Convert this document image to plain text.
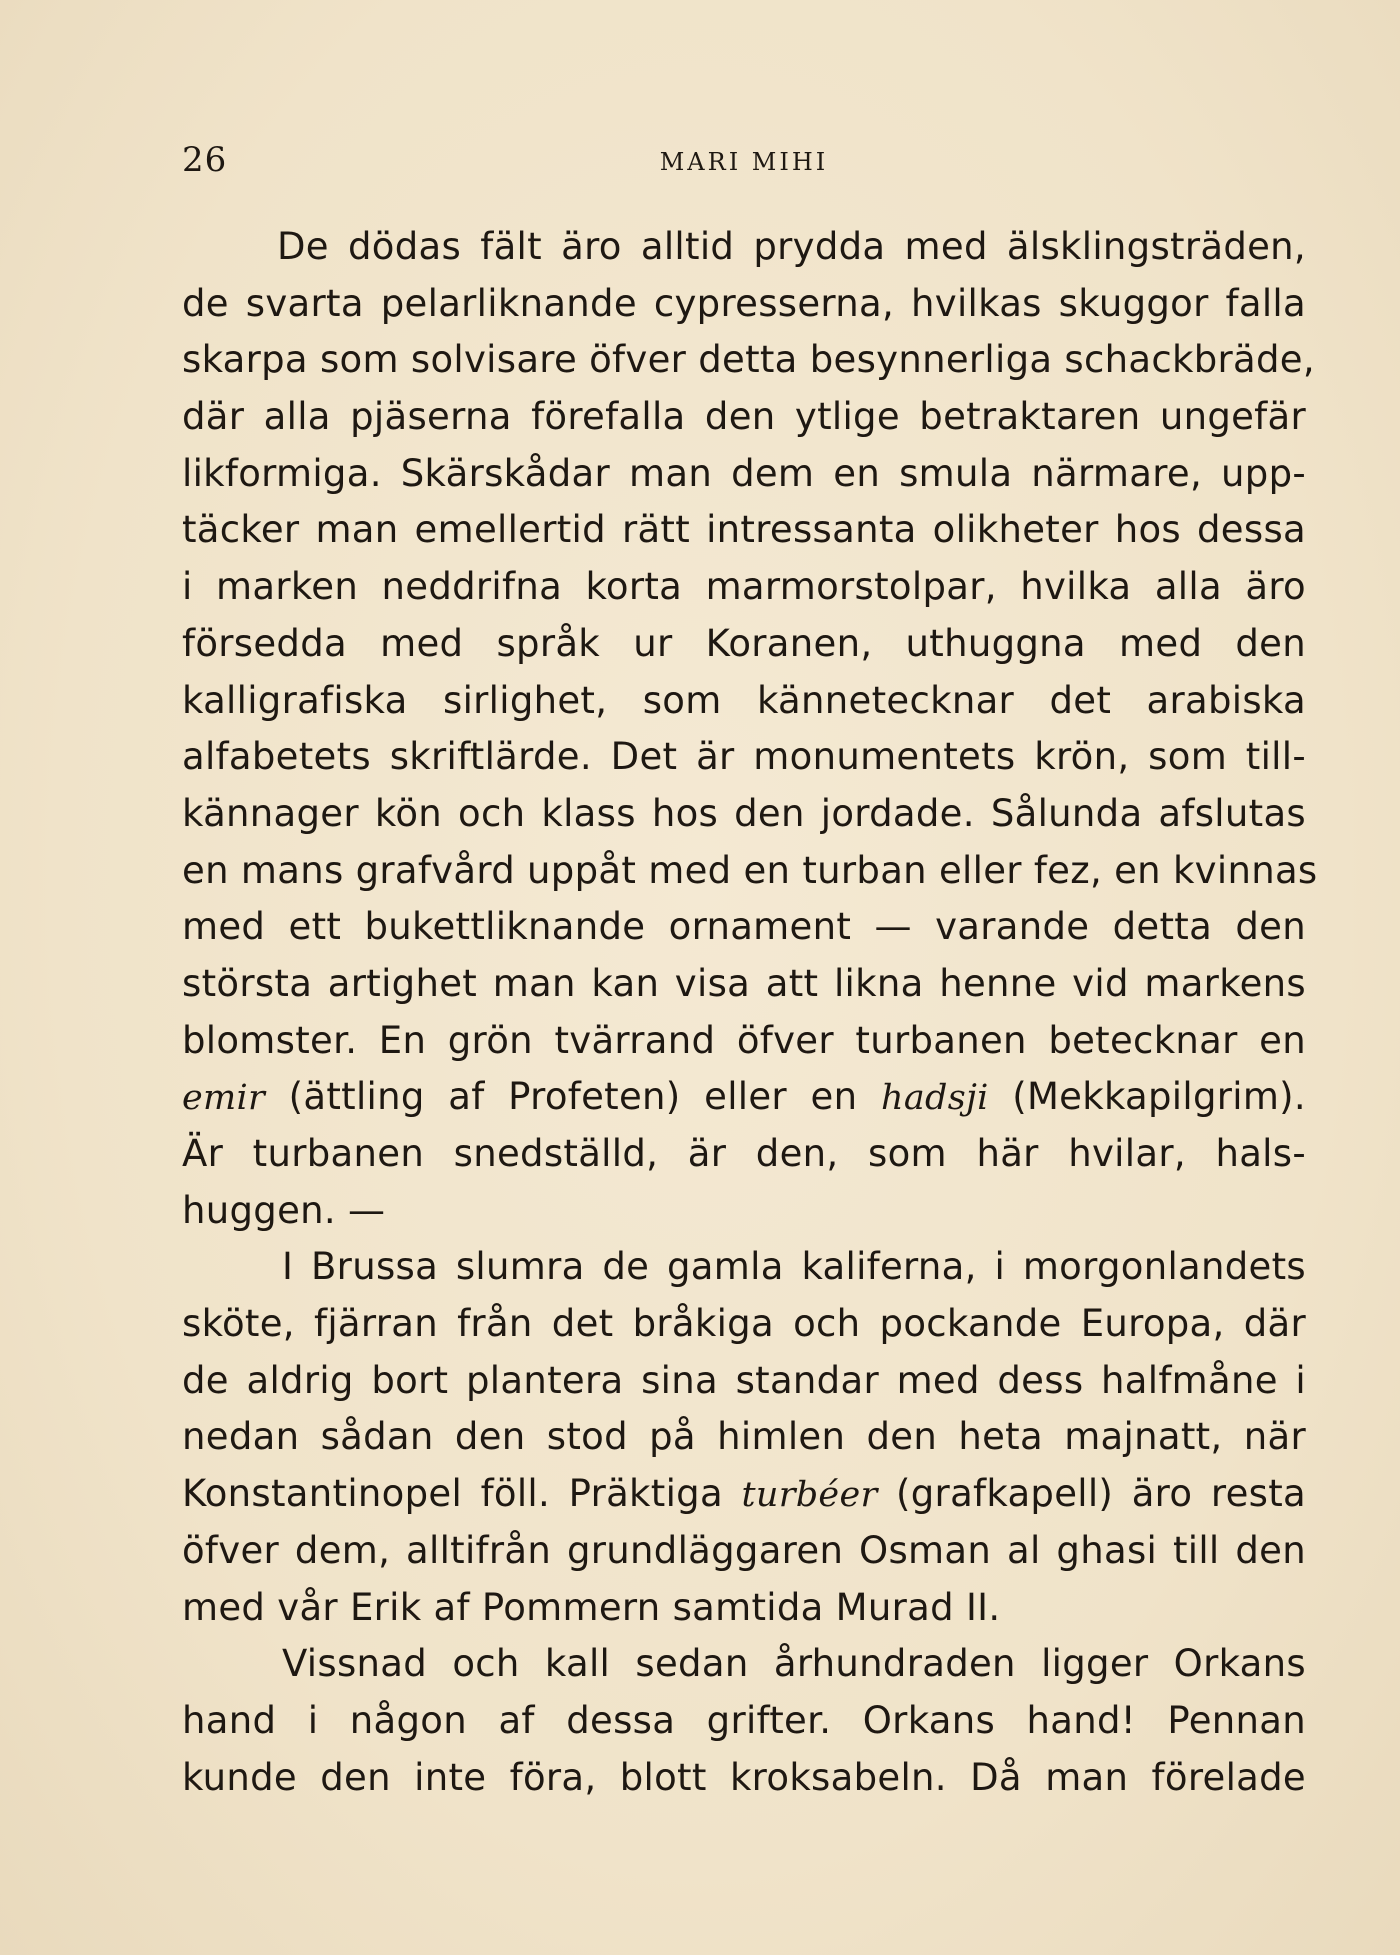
26	MARI MIHI
De dödas fält äro alltid prydda med älsklingsträden,
de svarta pelarliknande cypresserna, hvilkas skuggor falla
skarpa som solvisare öfver detta besynnerliga schackbräde,
där alla pjäserna förefalla den ytlige betraktaren ungefär
likformiga. Skärskådar man dem en smula närmare, upp-
täcker man emellertid rätt intressanta olikheter hos dessa
i marken neddrifna korta marmorstolpar, hvilka alla äro
försedda med språk ur Koranen, uthuggna med den
kalligrafiska sirlighet, som kännetecknar det arabiska
alfabetets skriftlärde. Det är monumentets krön, som till-
kännager kön och klass hos den jordade. Sålunda afslutas
en mans grafvård uppåt med en turban eller fez, en kvinnas
med ett bukettliknande ornament — varande detta den
största artighet man kan visa att likna henne vid markens
blomster. En grön tvärrand öfver turbanen betecknar en
emir (ättling af Profeten) eller en hadsji (Mekkapilgrim).
Är turbanen snedställd, är den, som här hvilar, hals-
huggen. —
I Brussa slumra de gamla kaliferna, i morgonlandets
sköte, fjärran från det bråkiga och pockande Europa, där
de aldrig bort plantera sina standar med dess halfmåne i
nedan sådan den stod på himlen den heta majnatt, när
Konstantinopel föll. Präktiga turbéer (grafkapell) äro resta
öfver dem, alltifrån grundläggaren Osman al ghasi till den
med vår Erik af Pommern samtida Murad II.
Vissnad och kall sedan århundraden ligger Orkans
hand i någon af dessa grifter. Orkans hand! Pennan
kunde den inte föra, blott kroksabeln. Då man förelade
